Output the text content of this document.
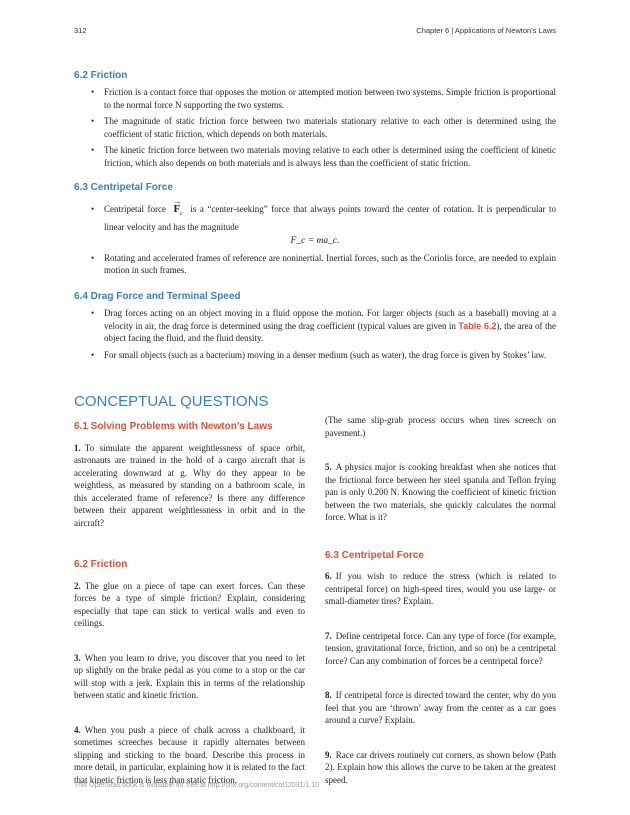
312	Chapter 6 | Applications of Newton's Laws
6.2 Friction
• Friction is a contact force that opposes the motion or attempted motion between two systems. Simple friction is proportional to the normal force N supporting the two systems.
• The magnitude of static friction force between two materials stationary relative to each other is determined using the coefficient of static friction, which depends on both materials.
• The kinetic friction force between two materials moving relative to each other is determined using the coefficient of kinetic friction, which also depends on both materials and is always less than the coefficient of static friction.
6.3 Centripetal Force
• Centripetal force
→
$F_c$ is a “center-seeking” force that always points toward the center of rotation. It is perpendicular to linear velocity and has the magnitude
F_c = ma_c.
• Rotating and accelerated frames of reference are noninertial. Inertial forces, such as the Coriolis force, are needed to explain motion in such frames.
6.4 Drag Force and Terminal Speed
• Drag forces acting on an object moving in a fluid oppose the motion. For larger objects (such as a baseball) moving at a velocity in air, the drag force is determined using the drag coefficient (typical values are given in Table 6.2), the area of the object facing the fluid, and the fluid density.
• For small objects (such as a bacterium) moving in a denser medium (such as water), the drag force is given by Stokes’ law.
CONCEPTUAL QUESTIONS
6.1 Solving Problems with Newton’s Laws

1. To simulate the apparent weightlessness of space orbit, astronauts are trained in the hold of a cargo aircraft that is accelerating downward at g. Why do they appear to be weightless, as measured by standing on a bathroom scale, in this accelerated frame of reference? Is there any difference between their apparent weightlessness in orbit and in the aircraft?

6.2 Friction

2. The glue on a piece of tape can exert forces. Can these forces be a type of simple friction? Explain, considering especially that tape can stick to vertical walls and even to ceilings.

3. When you learn to drive, you discover that you need to let up slightly on the brake pedal as you come to a stop or the car will stop with a jerk. Explain this in terms of the relationship between static and kinetic friction.

4. When you push a piece of chalk across a chalkboard, it sometimes screeches because it rapidly alternates between slipping and sticking to the board. Describe this process in more detail, in particular, explaining how it is related to the fact that kinetic friction is less than static friction.

(The same slip-grab process occurs when tires screech on pavement.)

5. A physics major is cooking breakfast when she notices that the frictional force between her steel spatula and Teflon frying pan is only 0.200 N. Knowing the coefficient of kinetic friction between the two materials, she quickly calculates the normal force. What is it?

6.3 Centripetal Force

6. If you wish to reduce the stress (which is related to centripetal force) on high-speed tires, would you use large- or small-diameter tires? Explain.

7. Define centripetal force. Can any type of force (for example, tension, gravitational force, friction, and so on) be a centripetal force? Can any combination of forces be a centripetal force?

8. If centripetal force is directed toward the center, why do you feel that you are ‘thrown’ away from the center as a car goes around a curve? Explain.

9. Race car drivers routinely cut corners, as shown below (Path 2). Explain how this allows the curve to be taken at the greatest speed.

This OpenStax book is available for free at http://cnx.org/content/col12031/1.10
